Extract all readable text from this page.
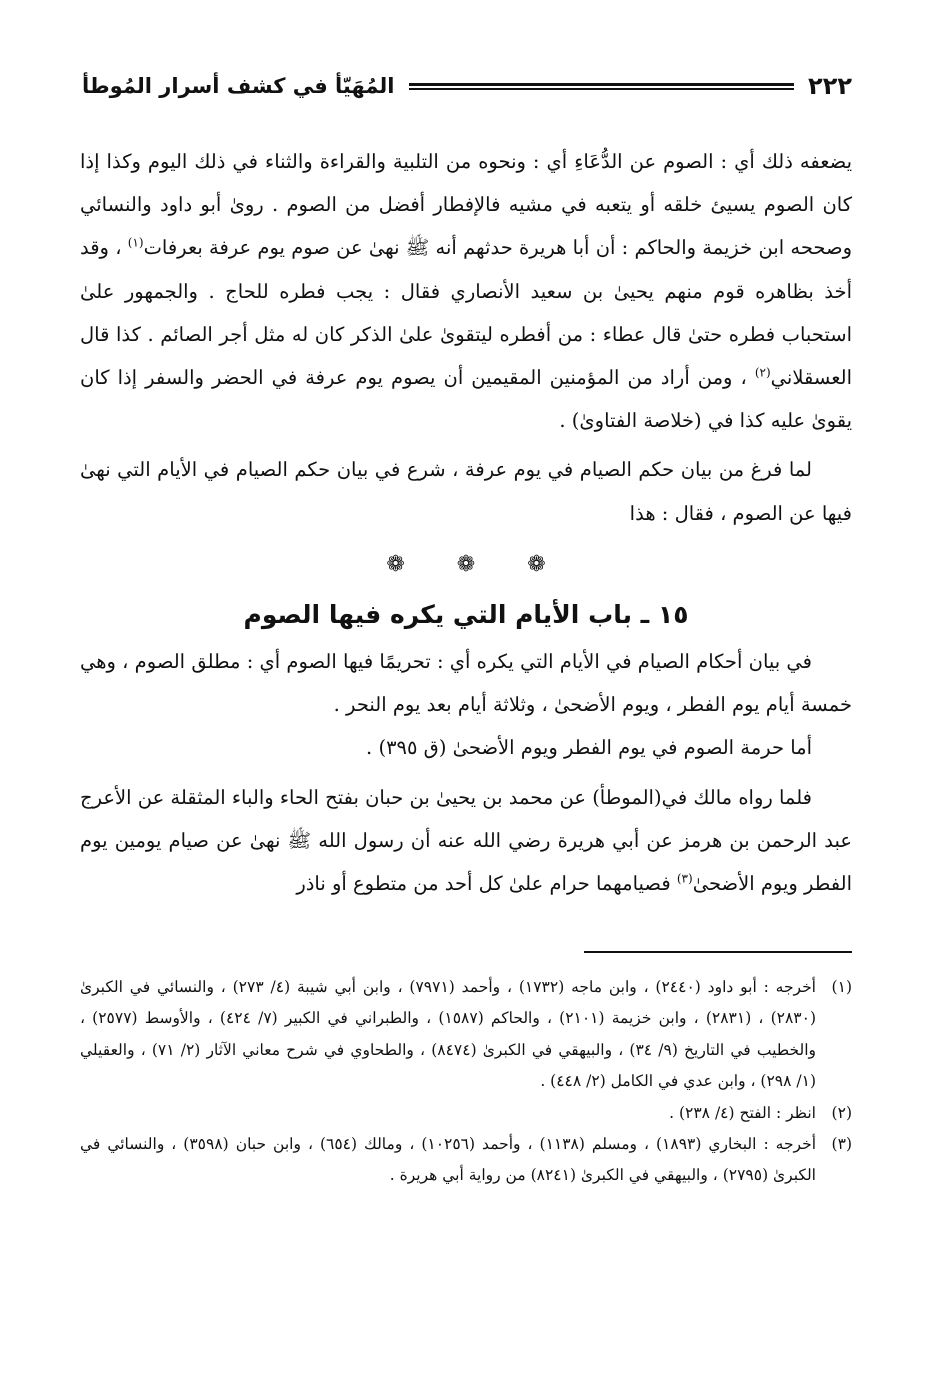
٢٢٢
المُهَيّأ في كشف أسرار المُوطأ

يضعفه ذلك أي : الصوم عن الدُّعَاءِ أي : ونحوه من التلبية والقراءة والثناء في ذلك اليوم وكذا إذا كان الصوم يسيئ خلقه أو يتعبه في مشيه فالإفطار أفضل من الصوم . روىٰ أبو داود والنسائي وصححه ابن خزيمة والحاكم : أن أبا هريرة حدثهم أنه ﷺ نهىٰ عن صوم يوم عرفة بعرفات$^{(١)}$ ، وقد أخذ بظاهره قوم منهم يحيىٰ بن سعيد الأنصاري فقال : يجب فطره للحاج . والجمهور علىٰ استحباب فطره حتىٰ قال عطاء : من أفطره ليتقوىٰ علىٰ الذكر كان له مثل أجر الصائم . كذا قال العسقلاني$^{(٢)}$ ، ومن أراد من المؤمنين المقيمين أن يصوم يوم عرفة في الحضر والسفر إذا كان يقوىٰ عليه كذا في (خلاصة الفتاوىٰ) .

لما فرغ من بيان حكم الصيام في يوم عرفة ، شرع في بيان حكم الصيام في الأيام التي نهىٰ فيها عن الصوم ، فقال : هذا

❁
❁
❁
١٥ ـ باب الأيام التي يكره فيها الصوم

في بيان أحكام الصيام في الأيام التي يكره أي : تحريمًا فيها الصوم أي : مطلق الصوم ، وهي خمسة أيام يوم الفطر ، ويوم الأضحىٰ ، وثلاثة أيام بعد يوم النحر .

أما حرمة الصوم في يوم الفطر ويوم الأضحىٰ (ق ٣٩٥) .

فلما رواه مالك في(الموطأ) عن محمد بن يحيىٰ بن حبان بفتح الحاء والباء المثقلة عن الأعرج عبد الرحمن بن هرمز عن أبي هريرة رضي الله عنه أن رسول الله ﷺ نهىٰ عن صيام يومين يوم الفطر ويوم الأضحىٰ$^{(٣)}$ فصيامهما حرام علىٰ كل أحد من متطوع أو ناذر

(١)
أخرجه : أبو داود (٢٤٤٠) ، وابن ماجه (١٧٣٢) ، وأحمد (٧٩٧١) ، وابن أبي شيبة (٤/ ٢٧٣) ، والنسائي في الكبرىٰ (٢٨٣٠) ، (٢٨٣١) ، وابن خزيمة (٢١٠١) ، والحاكم (١٥٨٧) ، والطبراني في الكبير (٧/ ٤٢٤) ، والأوسط (٢٥٧٧) ، والخطيب في التاريخ (٩/ ٣٤) ، والبيهقي في الكبرىٰ (٨٤٧٤) ، والطحاوي في شرح معاني الآثار (٢/ ٧١) ، والعقيلي (١/ ٢٩٨) ، وابن عدي في الكامل (٢/ ٤٤٨) .
(٢)
انظر : الفتح (٤/ ٢٣٨) .
(٣)
أخرجه : البخاري (١٨٩٣) ، ومسلم (١١٣٨) ، وأحمد (١٠٢٥٦) ، ومالك (٦٥٤) ، وابن حبان (٣٥٩٨) ، والنسائي في الكبرىٰ (٢٧٩٥) ، والبيهقي في الكبرىٰ (٨٢٤١) من رواية أبي هريرة .
